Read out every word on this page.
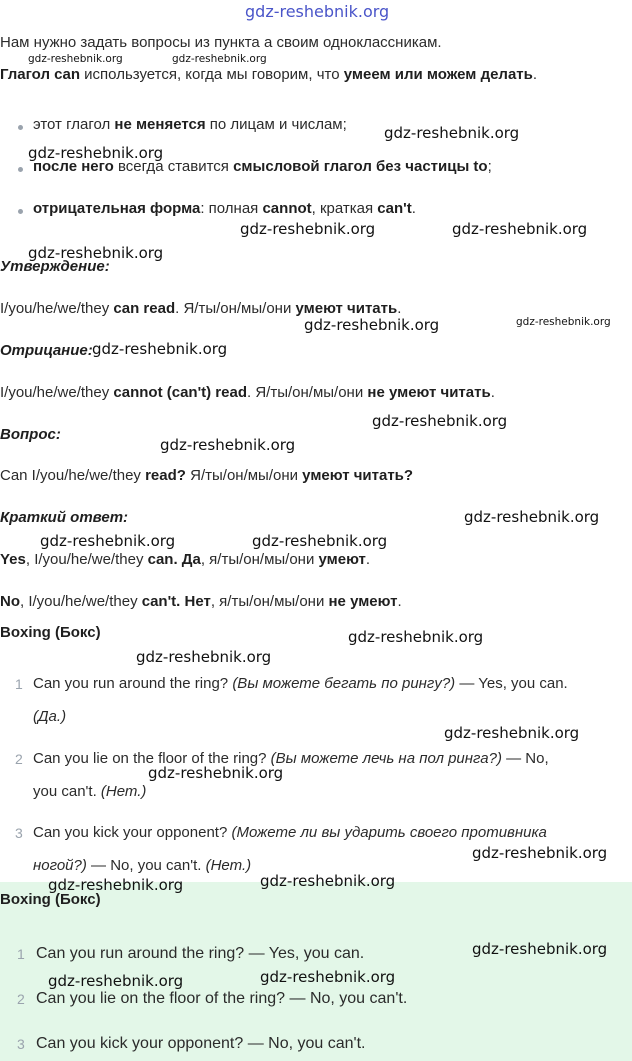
gdz-reshebnik.org
Нам нужно задать вопросы из пункта а своим одноклассникам.
Глагол can используется, когда мы говорим, что умеем или можем делать.
этот глагол не меняется по лицам и числам;
после него всегда ставится смысловой глагол без частицы to;
отрицательная форма: полная cannot, краткая can't.
Утверждение:
I/you/he/we/they can read. Я/ты/он/мы/они умеют читать.
Отрицание:
I/you/he/we/they cannot (can't) read. Я/ты/он/мы/они не умеют читать.
Вопрос:
Can I/you/he/we/they read? Я/ты/он/мы/они умеют читать?
Краткий ответ:
Yes, I/you/he/we/they can. Да, я/ты/он/мы/они умеют.
No, I/you/he/we/they can't. Нет, я/ты/он/мы/они не умеют.
Boxing (Бокс)
1 Can you run around the ring? (Вы можете бегать по рингу?) — Yes, you can.
(Да.)
2 Can you lie on the floor of the ring? (Вы можете лечь на пол ринга?) — No,
you can't. (Нет.)
3 Can you kick your opponent? (Можете ли вы ударить своего противника
ногой?) — No, you can't. (Нет.)
Boxing (Бокс)
1 Can you run around the ring? — Yes, you can.
2 Can you lie on the floor of the ring? — No, you can't.
3 Can you kick your opponent? — No, you can't.
gdz-reshebnik.org	gdz-reshebnik.org
gdz-reshebnik.org
gdz-reshebnik.org
gdz-reshebnik.org	gdz-reshebnik.org
gdz-reshebnik.org
gdz-reshebnik.org	gdz-reshebnik.org
gdz-reshebnik.org
gdz-reshebnik.org
gdz-reshebnik.org
gdz-reshebnik.org
gdz-reshebnik.org	gdz-reshebnik.org
gdz-reshebnik.org
gdz-reshebnik.org
gdz-reshebnik.org
gdz-reshebnik.org
gdz-reshebnik.org
gdz-reshebnik.org	gdz-reshebnik.org
gdz-reshebnik.org
gdz-reshebnik.org	gdz-reshebnik.org
